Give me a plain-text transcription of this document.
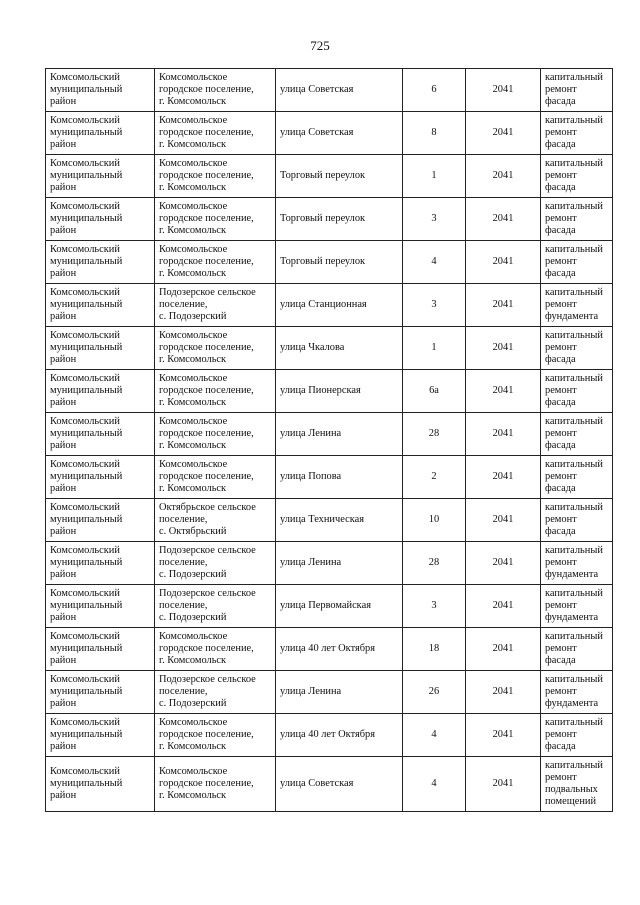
725
Комсомольский
муниципальный
район	Комсомольское
городское поселение,
г. Комсомольск	улица Советская	6	2041	капитальный
ремонт фасада

Комсомольский
муниципальный
район	Комсомольское
городское поселение,
г. Комсомольск	улица Советская	8	2041	капитальный
ремонт фасада

Комсомольский
муниципальный
район	Комсомольское
городское поселение,
г. Комсомольск	Торговый переулок	1	2041	капитальный
ремонт фасада

Комсомольский
муниципальный
район	Комсомольское
городское поселение,
г. Комсомольск	Торговый переулок	3	2041	капитальный
ремонт фасада

Комсомольский
муниципальный
район	Комсомольское
городское поселение,
г. Комсомольск	Торговый переулок	4	2041	капитальный
ремонт фасада

Комсомольский
муниципальный
район	Подозерское сельское
поселение,
с. Подозерский	улица Станционная	3	2041	капитальный
ремонт
фундамента

Комсомольский
муниципальный
район	Комсомольское
городское поселение,
г. Комсомольск	улица Чкалова	1	2041	капитальный
ремонт фасада

Комсомольский
муниципальный
район	Комсомольское
городское поселение,
г. Комсомольск	улица Пионерская	6а	2041	капитальный
ремонт фасада

Комсомольский
муниципальный
район	Комсомольское
городское поселение,
г. Комсомольск	улица Ленина	28	2041	капитальный
ремонт фасада

Комсомольский
муниципальный
район	Комсомольское
городское поселение,
г. Комсомольск	улица Попова	2	2041	капитальный
ремонт фасада

Комсомольский
муниципальный
район	Октябрьское сельское
поселение,
с. Октябрьский	улица Техническая	10	2041	капитальный
ремонт фасада

Комсомольский
муниципальный
район	Подозерское сельское
поселение,
с. Подозерский	улица Ленина	28	2041	капитальный
ремонт
фундамента

Комсомольский
муниципальный
район	Подозерское сельское
поселение,
с. Подозерский	улица Первомайская	3	2041	капитальный
ремонт
фундамента

Комсомольский
муниципальный
район	Комсомольское
городское поселение,
г. Комсомольск	улица 40 лет Октября	18	2041	капитальный
ремонт фасада

Комсомольский
муниципальный
район	Подозерское сельское
поселение,
с. Подозерский	улица Ленина	26	2041	капитальный
ремонт
фундамента

Комсомольский
муниципальный
район	Комсомольское
городское поселение,
г. Комсомольск	улица 40 лет Октября	4	2041	капитальный
ремонт фасада

Комсомольский
муниципальный
район	Комсомольское
городское поселение,
г. Комсомольск	улица Советская	4	2041	капитальный
ремонт
подвальных
помещений
